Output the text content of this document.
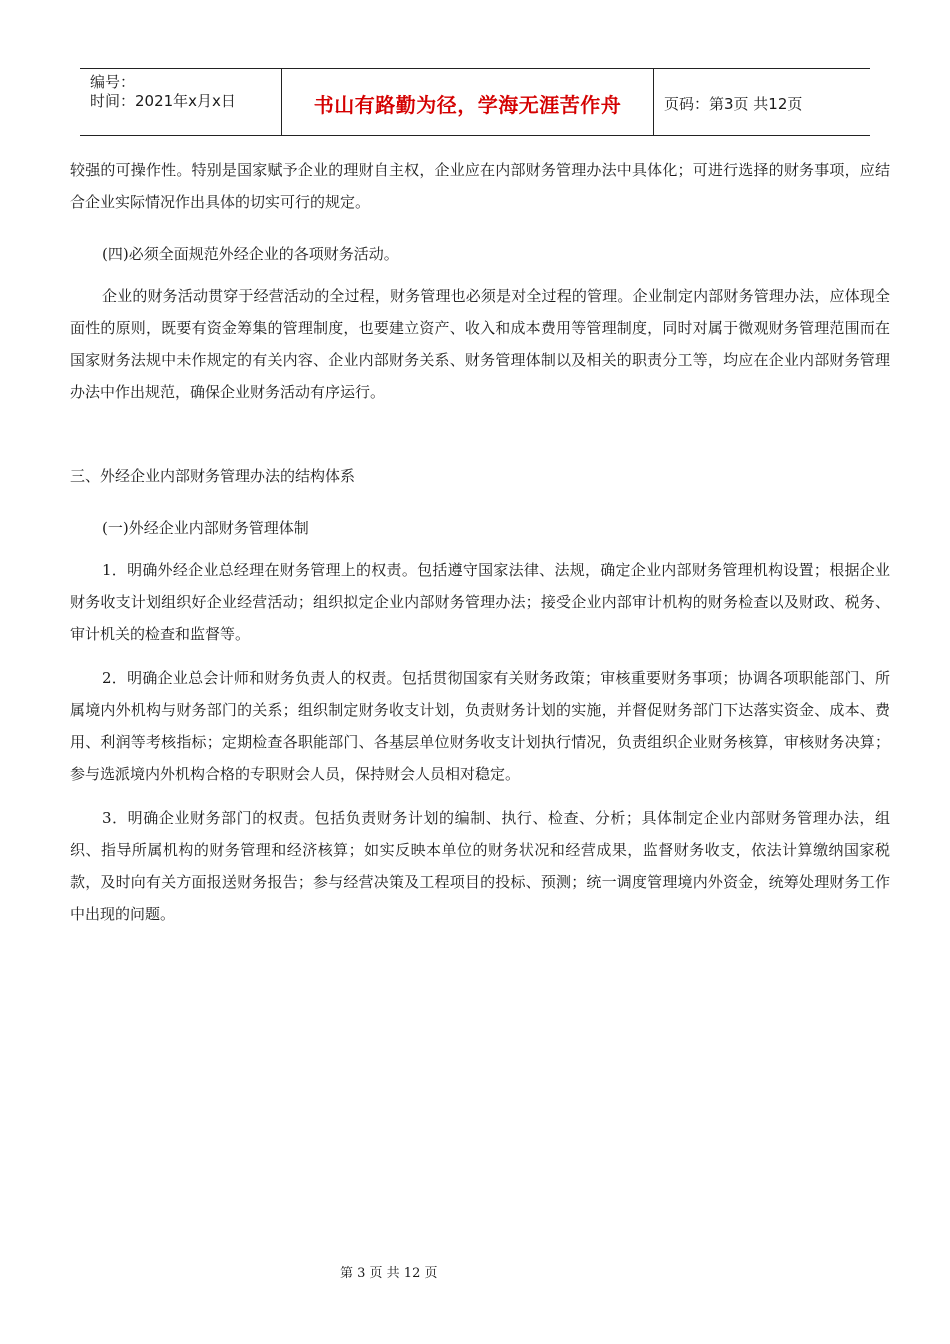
编号：
时间：2021年x月x日	书山有路勤为径，学海无涯苦作舟	页码：第3页 共12页

较强的可操作性。特别是国家赋予企业的理财自主权，企业应在内部财务管理办法中具体化；可进行选择的财务事项，应结合企业实际情况作出具体的切实可行的规定。

(四)必须全面规范外经企业的各项财务活动。

企业的财务活动贯穿于经营活动的全过程，财务管理也必须是对全过程的管理。企业制定内部财务管理办法，应体现全面性的原则，既要有资金筹集的管理制度，也要建立资产、收入和成本费用等管理制度，同时对属于微观财务管理范围而在国家财务法规中未作规定的有关内容、企业内部财务关系、财务管理体制以及相关的职责分工等，均应在企业内部财务管理办法中作出规范，确保企业财务活动有序运行。

三、外经企业内部财务管理办法的结构体系

(一)外经企业内部财务管理体制

1．明确外经企业总经理在财务管理上的权责。包括遵守国家法律、法规，确定企业内部财务管理机构设置；根据企业财务收支计划组织好企业经营活动；组织拟定企业内部财务管理办法；接受企业内部审计机构的财务检查以及财政、税务、审计机关的检查和监督等。

2．明确企业总会计师和财务负责人的权责。包括贯彻国家有关财务政策；审核重要财务事项；协调各项职能部门、所属境内外机构与财务部门的关系；组织制定财务收支计划，负责财务计划的实施，并督促财务部门下达落实资金、成本、费用、利润等考核指标；定期检查各职能部门、各基层单位财务收支计划执行情况，负责组织企业财务核算，审核财务决算；参与选派境内外机构合格的专职财会人员，保持财会人员相对稳定。

3．明确企业财务部门的权责。包括负责财务计划的编制、执行、检查、分析；具体制定企业内部财务管理办法，组织、指导所属机构的财务管理和经济核算；如实反映本单位的财务状况和经营成果，监督财务收支，依法计算缴纳国家税款，及时向有关方面报送财务报告；参与经营决策及工程项目的投标、预测；统一调度管理境内外资金，统筹处理财务工作中出现的问题。

第 3 页 共 12 页
